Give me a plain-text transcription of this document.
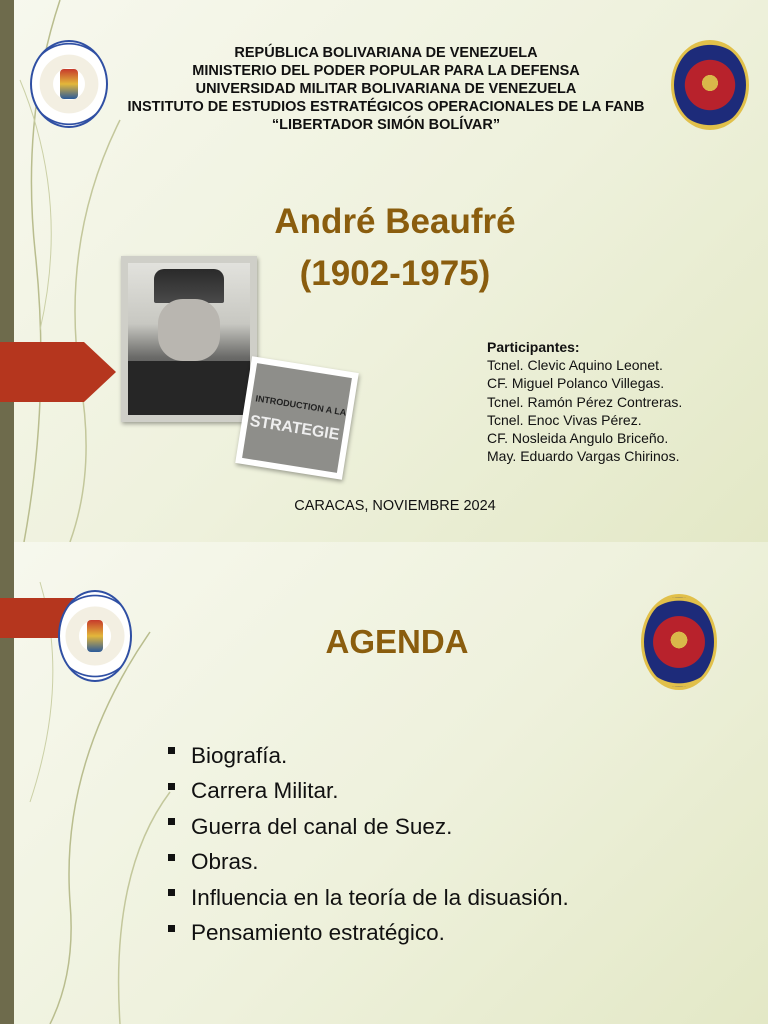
REPÚBLICA BOLIVARIANA DE VENEZUELA
MINISTERIO DEL PODER POPULAR PARA LA DEFENSA
UNIVERSIDAD MILITAR BOLIVARIANA DE VENEZUELA
INSTITUTO DE ESTUDIOS ESTRATÉGICOS OPERACIONALES DE LA FANB
“LIBERTADOR SIMÓN BOLÍVAR”
André Beaufré
(1902-1975)
INTRODUCTION A LA
STRATEGIE
Participantes:
Tcnel. Clevic Aquino Leonet.
CF. Miguel Polanco Villegas.
Tcnel. Ramón Pérez Contreras.
Tcnel. Enoc Vivas Pérez.
CF. Nosleida Angulo Briceño.
May. Eduardo Vargas Chirinos.
CARACAS, NOVIEMBRE 2024
AGENDA
Biografía.
Carrera Militar.
Guerra del canal de Suez.
Obras.
Influencia en la teoría de la disuasión.
Pensamiento estratégico.
